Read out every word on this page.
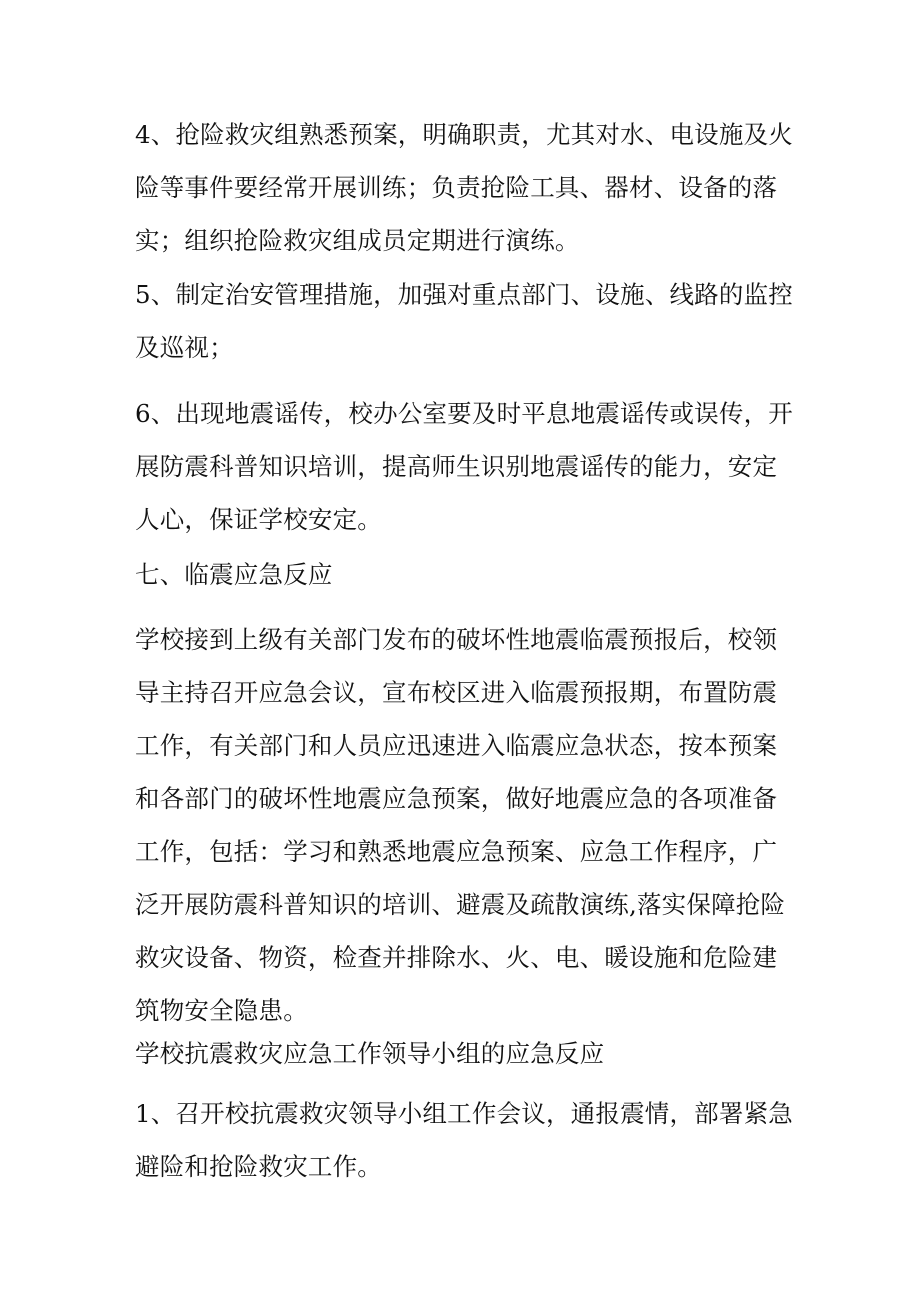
4、抢险救灾组熟悉预案，明确职责，尤其对水、电设施及火
险等事件要经常开展训练；负责抢险工具、器材、设备的落
实；组织抢险救灾组成员定期进行演练。

5、制定治安管理措施，加强对重点部门、设施、线路的监控
及巡视；

6、出现地震谣传，校办公室要及时平息地震谣传或误传，开
展防震科普知识培训，提高师生识别地震谣传的能力，安定
人心，保证学校安定。

七、临震应急反应

学校接到上级有关部门发布的破坏性地震临震预报后，校领
导主持召开应急会议，宣布校区进入临震预报期，布置防震
工作，有关部门和人员应迅速进入临震应急状态，按本预案
和各部门的破坏性地震应急预案，做好地震应急的各项准备
工作，包括：学习和熟悉地震应急预案、应急工作程序，广
泛开展防震科普知识的培训、避震及疏散演练,落实保障抢险
救灾设备、物资，检查并排除水、火、电、暖设施和危险建
筑物安全隐患。

学校抗震救灾应急工作领导小组的应急反应

1、召开校抗震救灾领导小组工作会议，通报震情，部署紧急
避险和抢险救灾工作。
